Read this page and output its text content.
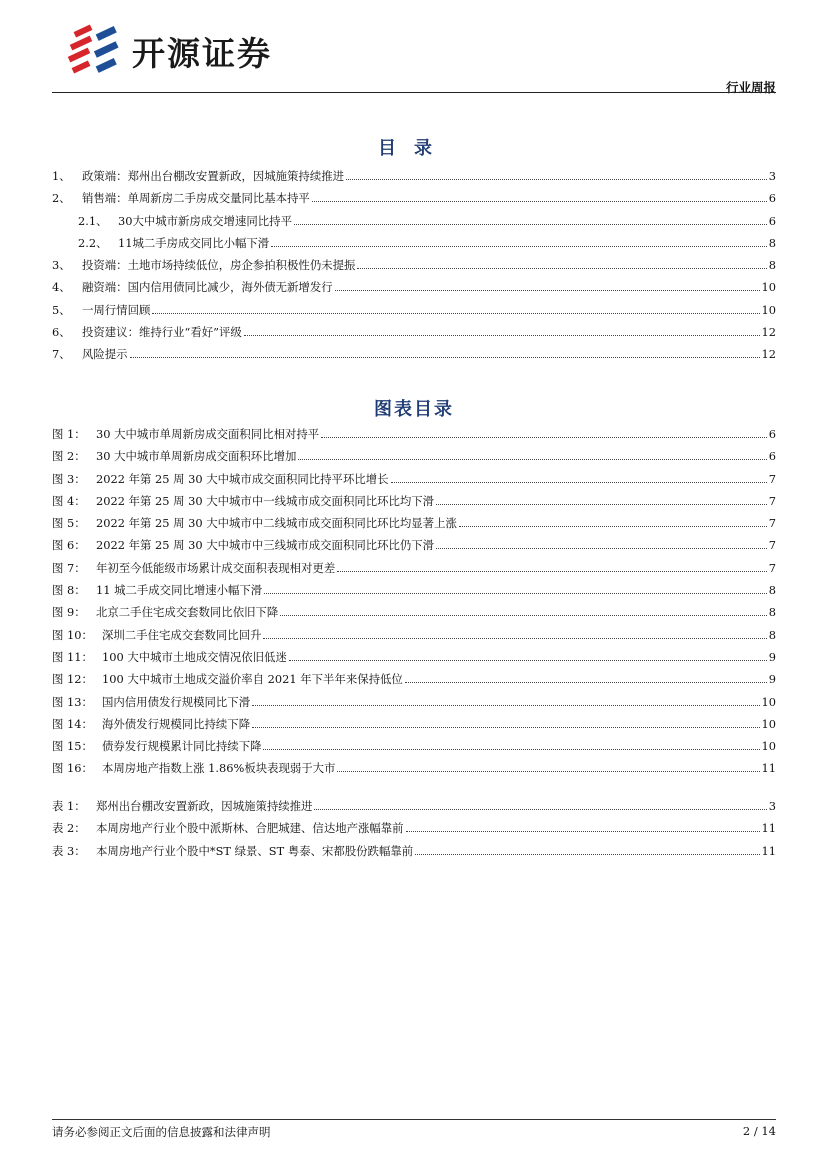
开源证券
行业周报
目录
1、 政策端：郑州出台棚改安置新政，因城施策持续推进	3
2、 销售端：单周新房二手房成交量同比基本持平	6
2.1、 30大中城市新房成交增速同比持平	6
2.2、 11城二手房成交同比小幅下滑	8
3、 投资端：土地市场持续低位，房企参拍积极性仍未提振	8
4、 融资端：国内信用债同比减少，海外债无新增发行	10
5、 一周行情回顾	10
6、 投资建议：维持行业“看好”评级	12
7、 风险提示	12
图表目录
图 1： 30 大中城市单周新房成交面积同比相对持平	6
图 2： 30 大中城市单周新房成交面积环比增加	6
图 3： 2022 年第 25 周 30 大中城市成交面积同比持平环比增长	7
图 4： 2022 年第 25 周 30 大中城市中一线城市成交面积同比环比均下滑	7
图 5： 2022 年第 25 周 30 大中城市中二线城市成交面积同比环比均显著上涨	7
图 6： 2022 年第 25 周 30 大中城市中三线城市成交面积同比环比仍下滑	7
图 7： 年初至今低能级市场累计成交面积表现相对更差	7
图 8： 11 城二手成交同比增速小幅下滑	8
图 9： 北京二手住宅成交套数同比依旧下降	8
图 10： 深圳二手住宅成交套数同比回升	8
图 11： 100 大中城市土地成交情况依旧低迷	9
图 12： 100 大中城市土地成交溢价率自 2021 年下半年来保持低位	9
图 13： 国内信用债发行规模同比下滑	10
图 14： 海外债发行规模同比持续下降	10
图 15： 债券发行规模累计同比持续下降	10
图 16： 本周房地产指数上涨 1.86%板块表现弱于大市	11
表 1： 郑州出台棚改安置新政，因城施策持续推进	3
表 2： 本周房地产行业个股中派斯林、合肥城建、信达地产涨幅靠前	11
表 3： 本周房地产行业个股中*ST 绿景、ST 粤泰、宋都股份跌幅靠前	11
请务必参阅正文后面的信息披露和法律声明	2 / 14
